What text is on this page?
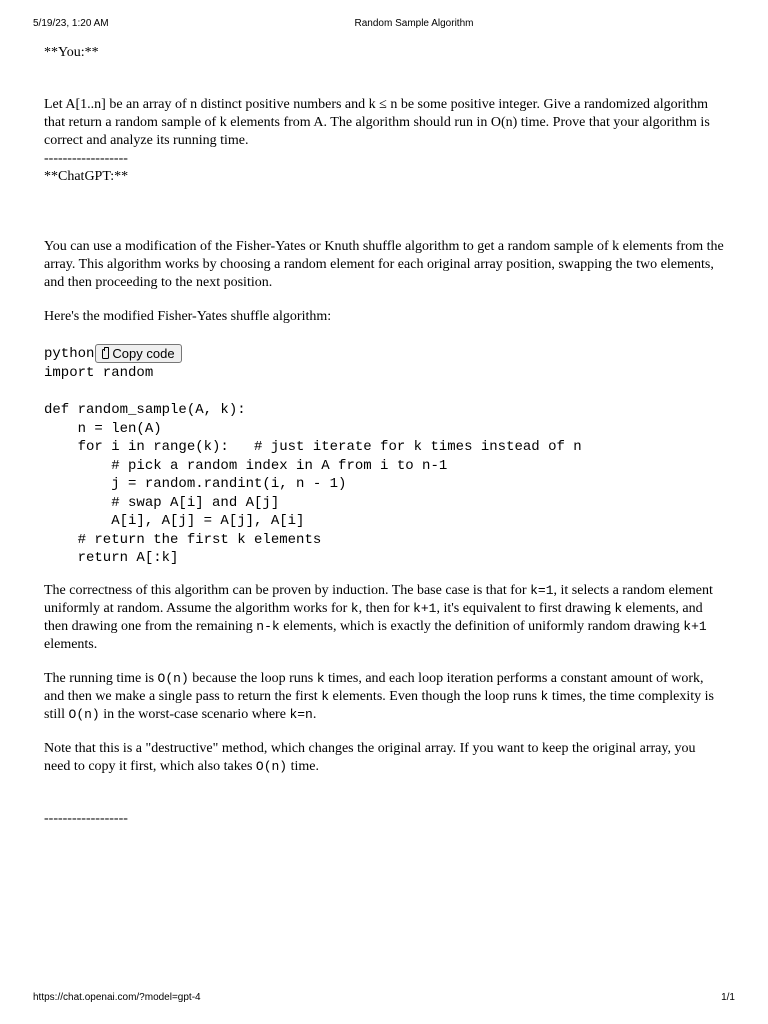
5/19/23, 1:20 AM	Random Sample Algorithm

**You:**

Let A[1..n] be an array of n distinct positive numbers and k ≤ n be some positive integer. Give a randomized algorithm that return a random sample of k elements from A. The algorithm should run in O(n) time. Prove that your algorithm is correct and analyze its running time.

------------------

**ChatGPT:**

You can use a modification of the Fisher-Yates or Knuth shuffle algorithm to get a random sample of k elements from the array. This algorithm works by choosing a random element for each original array position, swapping the two elements, and then proceeding to the next position.

Here's the modified Fisher-Yates shuffle algorithm:

python Copy code
import random

def random_sample(A, k):
n = len(A)
for i in range(k):   # just iterate for k times instead of n
# pick a random index in A from i to n-1
j = random.randint(i, n - 1)
# swap A[i] and A[j]
A[i], A[j] = A[j], A[i]
# return the first k elements
return A[:k]

The correctness of this algorithm can be proven by induction. The base case is that for k=1, it selects a random element uniformly at random. Assume the algorithm works for k, then for k+1, it's equivalent to first drawing k elements, and then drawing one from the remaining n-k elements, which is exactly the definition of uniformly random drawing k+1 elements.

The running time is O(n) because the loop runs k times, and each loop iteration performs a constant amount of work, and then we make a single pass to return the first k elements. Even though the loop runs k times, the time complexity is still O(n) in the worst-case scenario where k=n.

Note that this is a "destructive" method, which changes the original array. If you want to keep the original array, you need to copy it first, which also takes O(n) time.

------------------

https://chat.openai.com/?model=gpt-4	1/1
